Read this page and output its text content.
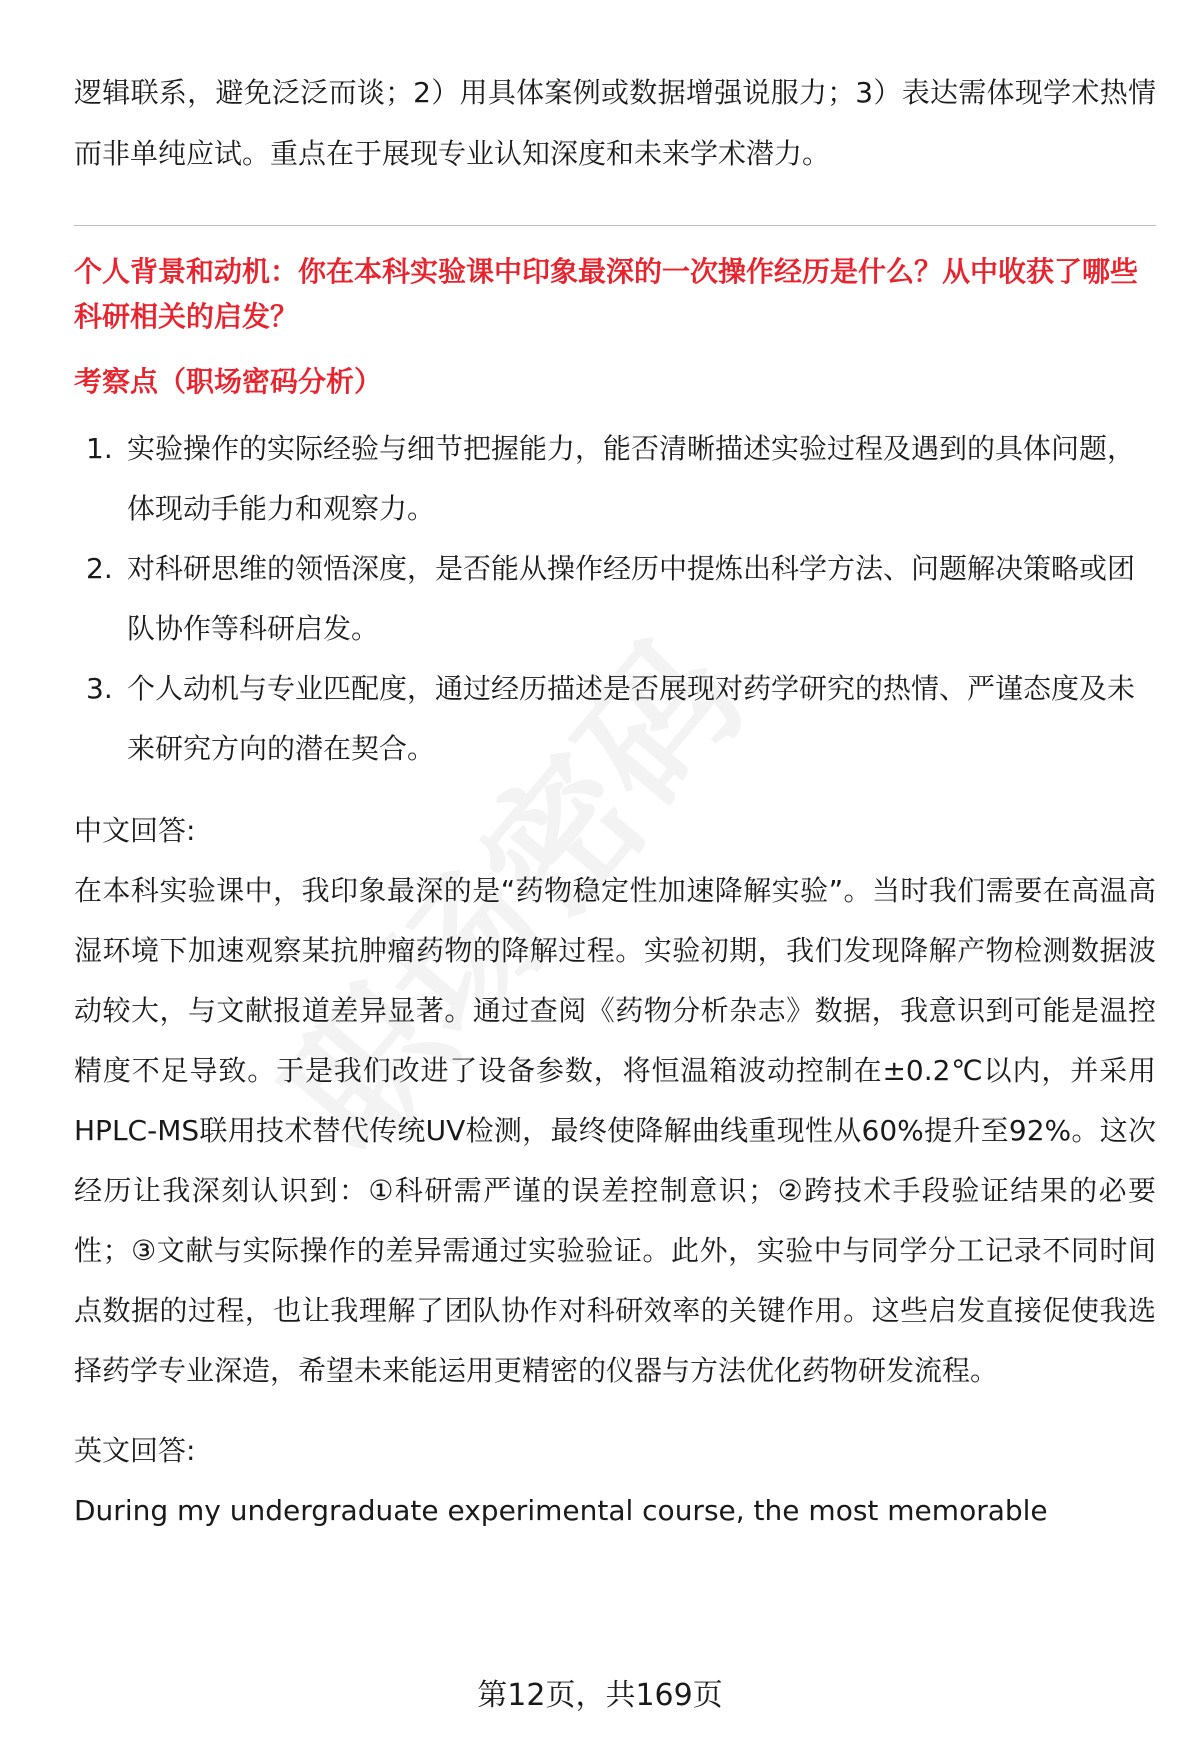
逻辑联系，避免泛泛而谈；2）用具体案例或数据增强说服力；3）表达需体现学术热情而非单纯应试。重点在于展现专业认知深度和未来学术潜力。

个人背景和动机：你在本科实验课中印象最深的一次操作经历是什么？从中收获了哪些科研相关的启发？

考察点（职场密码分析）

1. 实验操作的实际经验与细节把握能力，能否清晰描述实验过程及遇到的具体问题，体现动手能力和观察力。
2. 对科研思维的领悟深度，是否能从操作经历中提炼出科学方法、问题解决策略或团队协作等科研启发。
3. 个人动机与专业匹配度，通过经历描述是否展现对药学研究的热情、严谨态度及未来研究方向的潜在契合。

中文回答:

在本科实验课中，我印象最深的是“药物稳定性加速降解实验”。当时我们需要在高温高湿环境下加速观察某抗肿瘤药物的降解过程。实验初期，我们发现降解产物检测数据波动较大，与文献报道差异显著。通过查阅《药物分析杂志》数据，我意识到可能是温控精度不足导致。于是我们改进了设备参数，将恒温箱波动控制在±0.2℃以内，并采用HPLC-MS联用技术替代传统UV检测，最终使降解曲线重现性从60%提升至92%。这次经历让我深刻认识到：①科研需严谨的误差控制意识；②跨技术手段验证结果的必要性；③文献与实际操作的差异需通过实验验证。此外，实验中与同学分工记录不同时间点数据的过程，也让我理解了团队协作对科研效率的关键作用。这些启发直接促使我选择药学专业深造，希望未来能运用更精密的仪器与方法优化药物研发流程。

英文回答:

During my undergraduate experimental course, the most memorable

第12页，共169页
